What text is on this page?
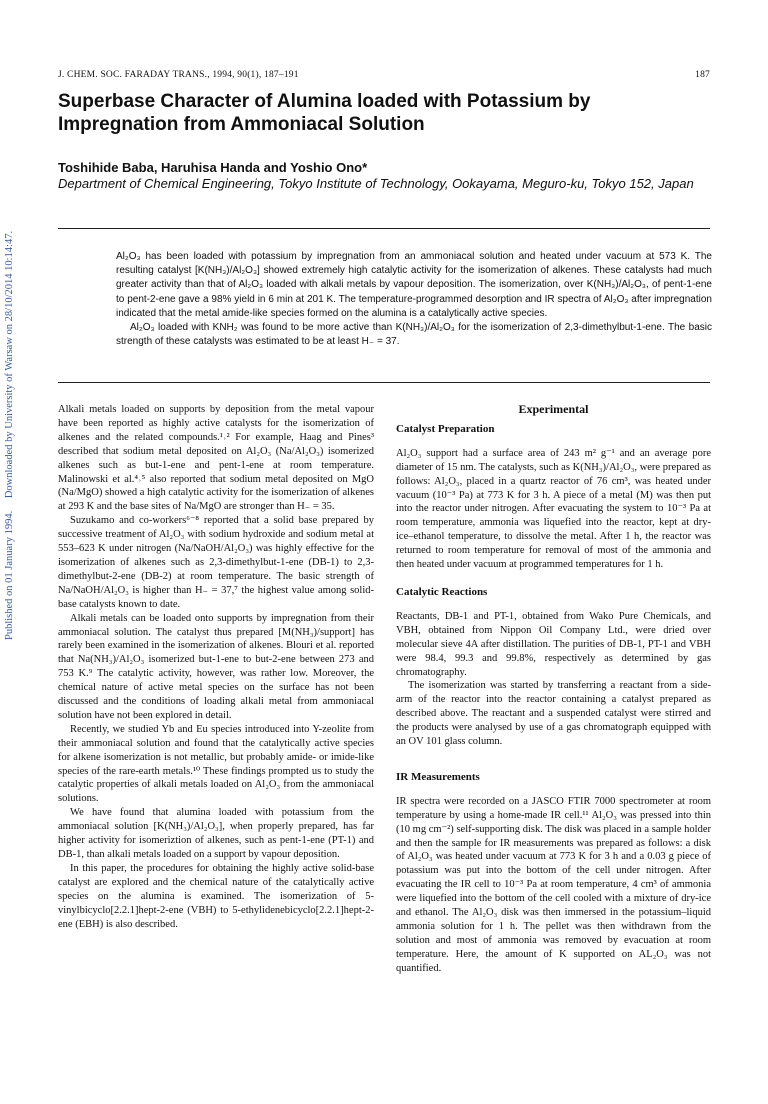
Published on 01 January 1994. Downloaded by University of Warsaw on 28/10/2014 10:14:47.
J. CHEM. SOC. FARADAY TRANS., 1994, 90(1), 187–191	187
Superbase Character of Alumina loaded with Potassium by Impregnation from Ammoniacal Solution
Toshihide Baba, Haruhisa Handa and Yoshio Ono*
Department of Chemical Engineering, Tokyo Institute of Technology, Ookayama, Meguro-ku, Tokyo 152, Japan

Al₂O₃ has been loaded with potassium by impregnation from an ammoniacal solution and heated under vacuum at 573 K. The resulting catalyst [K(NH₃)/Al₂O₃] showed extremely high catalytic activity for the isomerization of alkenes. These catalysts had much greater activity than that of Al₂O₃ loaded with alkali metals by vapour deposition. The isomerization, over K(NH₃)/Al₂O₃, of pent-1-ene to pent-2-ene gave a 98% yield in 6 min at 201 K. The temperature-programmed desorption and IR spectra of Al₂O₃ after impregnation indicated that the metal amide-like species formed on the alumina is a catalytically active species.

Al₂O₃ loaded with KNH₂ was found to be more active than K(NH₃)/Al₂O₃ for the isomerization of 2,3-dimethylbut-1-ene. The basic strength of these catalysts was estimated to be at least H₋ = 37.

Alkali metals loaded on supports by deposition from the metal vapour have been reported as highly active catalysts for the isomerization of alkenes and the related compounds.¹˒² For example, Haag and Pines³ described that sodium metal deposited on Al₂O₃ (Na/Al₂O₃) isomerized alkenes such as but-1-ene and pent-1-ene at room temperature. Malinowski et al.⁴˒⁵ also reported that sodium metal deposited on MgO (Na/MgO) showed a high catalytic activity for the isomerization of alkenes at 293 K and the base sites of Na/MgO are stronger than H₋ = 35.

Suzukamo and co-workers⁶⁻⁸ reported that a solid base prepared by successive treatment of Al₂O₃ with sodium hydroxide and sodium metal at 553–623 K under nitrogen (Na/NaOH/Al₂O₃) was highly effective for the isomerization of alkenes such as 2,3-dimethylbut-1-ene (DB-1) to 2,3-dimethylbut-2-ene (DB-2) at room temperature. The basic strength of Na/NaOH/Al₂O₃ is higher than H₋ = 37,⁷ the highest value among solid-base catalysts known to date.

Alkali metals can be loaded onto supports by impregnation from their ammoniacal solution. The catalyst thus prepared [M(NH₃)/support] has rarely been examined in the isomerization of alkenes. Blouri et al. reported that Na(NH₃)/Al₂O₃ isomerized but-1-ene to but-2-ene between 273 and 753 K.⁹ The catalytic activity, however, was rather low. Moreover, the chemical nature of active metal species on the surface has not been discussed and the conditions of loading alkali metal from ammoniacal solution have not been explored in detail.

Recently, we studied Yb and Eu species introduced into Y-zeolite from their ammoniacal solution and found that the catalytically active species for alkene isomerization is not metallic, but probably amide- or imide-like species of the rare-earth metals.¹⁰ These findings prompted us to study the catalytic properties of alkali metals loaded on Al₂O₃ from the ammoniacal solutions.

We have found that alumina loaded with potassium from the ammoniacal solution [K(NH₃)/Al₂O₃], when properly prepared, has far higher activity for isomeriztion of alkenes, such as pent-1-ene (PT-1) and DB-1, than alkali metals loaded on a support by vapour deposition.

In this paper, the procedures for obtaining the highly active solid-base catalyst are explored and the chemical nature of the catalytically active species on the alumina is examined. The isomerization of 5-vinylbicyclo[2.2.1]hept-2-ene (VBH) to 5-ethylidenebicyclo[2.2.1]hept-2-ene (EBH) is also described.

Experimental
Catalyst Preparation

Al₂O₃ support had a surface area of 243 m² g⁻¹ and an average pore diameter of 15 nm. The catalysts, such as K(NH₃)/Al₂O₃, were prepared as follows: Al₂O₃, placed in a quartz reactor of 76 cm³, was heated under vacuum (10⁻³ Pa) at 773 K for 3 h. A piece of a metal (M) was then put into the reactor under nitrogen. After evacuating the system to 10⁻³ Pa at room temperature, ammonia was liquefied into the reactor, kept at dry-ice–ethanol temperature, to dissolve the metal. After 1 h, the reactor was returned to room temperature for removal of most of the ammonia and then heated under vacuum at programmed temperatures for 1 h.

Catalytic Reactions

Reactants, DB-1 and PT-1, obtained from Wako Pure Chemicals, and VBH, obtained from Nippon Oil Company Ltd., were dried over molecular sieve 4A after distillation. The purities of DB-1, PT-1 and VBH were 98.4, 99.3 and 99.8%, respectively as determined by gas chromatography.

The isomerization was started by transferring a reactant from a side-arm of the reactor into the reactor containing a catalyst prepared as described above. The reactant and a suspended catalyst were stirred and the products were analysed by use of a gas chromatograph equipped with an OV 101 glass column.

IR Measurements

IR spectra were recorded on a JASCO FTIR 7000 spectrometer at room temperature by using a home-made IR cell.¹¹ Al₂O₃ was pressed into thin (10 mg cm⁻²) self-supporting disk. The disk was placed in a sample holder and then the sample for IR measurements was prepared as follows: a disk of Al₂O₃ was heated under vacuum at 773 K for 3 h and a 0.03 g piece of potassium was put into the bottom of the cell under nitrogen. After evacuating the IR cell to 10⁻³ Pa at room temperature, 4 cm³ of ammonia were liquefied into the bottom of the cell cooled with a mixture of dry-ice and ethanol. The Al₂O₃ disk was then immersed in the potassium–liquid ammonia solution for 1 h. The pellet was then withdrawn from the solution and most of ammonia was removed by evacuation at room temperature. Here, the amount of K supported on AL₂O₃ was not quantified.
